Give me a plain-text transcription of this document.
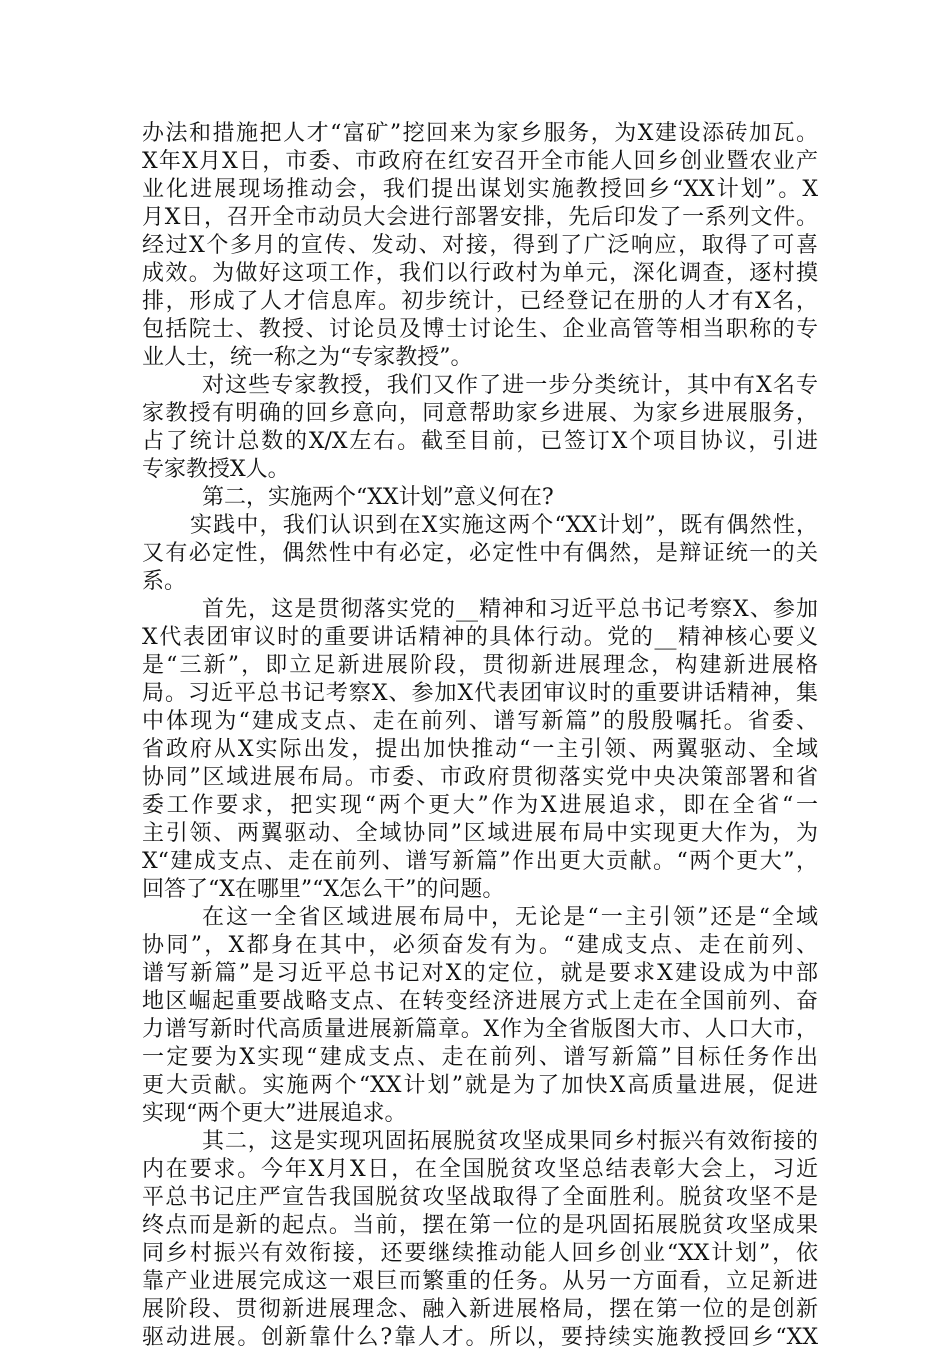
办法和措施把人才“富矿”挖回来为家乡服务，为X建设添砖加瓦。
X年X月X日，市委、市政府在红安召开全市能人回乡创业暨农业产
业化进展现场推动会，我们提出谋划实施教授回乡“XX计划”。X
月X日，召开全市动员大会进行部署安排，先后印发了一系列文件。
经过X个多月的宣传、发动、对接，得到了广泛响应，取得了可喜
成效。为做好这项工作，我们以行政村为单元，深化调查，逐村摸
排，形成了人才信息库。初步统计，已经登记在册的人才有X名，
包括院士、教授、讨论员及博士讨论生、企业高管等相当职称的专
业人士，统一称之为“专家教授”。
对这些专家教授，我们又作了进一步分类统计，其中有X名专
家教授有明确的回乡意向，同意帮助家乡进展、为家乡进展服务，
占了统计总数的X/X左右。截至目前，已签订X个项目协议，引进
专家教授X人。
第二，实施两个“XX计划”意义何在?
实践中，我们认识到在X实施这两个“XX计划”，既有偶然性，
又有必定性，偶然性中有必定，必定性中有偶然，是辩证统一的关
系。
首先，这是贯彻落实党的__精神和习近平总书记考察X、参加
X代表团审议时的重要讲话精神的具体行动。党的__精神核心要义
是“三新”，即立足新进展阶段，贯彻新进展理念，构建新进展格
局。习近平总书记考察X、参加X代表团审议时的重要讲话精神，集
中体现为“建成支点、走在前列、谱写新篇”的殷殷嘱托。省委、
省政府从X实际出发，提出加快推动“一主引领、两翼驱动、全域
协同”区域进展布局。市委、市政府贯彻落实党中央决策部署和省
委工作要求，把实现“两个更大”作为X进展追求，即在全省“一
主引领、两翼驱动、全域协同”区域进展布局中实现更大作为，为
X“建成支点、走在前列、谱写新篇”作出更大贡献。“两个更大”，
回答了“X在哪里”“X怎么干”的问题。
在这一全省区域进展布局中，无论是“一主引领”还是“全域
协同”，X都身在其中，必须奋发有为。“建成支点、走在前列、
谱写新篇”是习近平总书记对X的定位，就是要求X建设成为中部
地区崛起重要战略支点、在转变经济进展方式上走在全国前列、奋
力谱写新时代高质量进展新篇章。X作为全省版图大市、人口大市，
一定要为X实现“建成支点、走在前列、谱写新篇”目标任务作出
更大贡献。实施两个“XX计划”就是为了加快X高质量进展，促进
实现“两个更大”进展追求。
其二，这是实现巩固拓展脱贫攻坚成果同乡村振兴有效衔接的
内在要求。今年X月X日，在全国脱贫攻坚总结表彰大会上，习近
平总书记庄严宣告我国脱贫攻坚战取得了全面胜利。脱贫攻坚不是
终点而是新的起点。当前，摆在第一位的是巩固拓展脱贫攻坚成果
同乡村振兴有效衔接，还要继续推动能人回乡创业“XX计划”，依
靠产业进展完成这一艰巨而繁重的任务。从另一方面看，立足新进
展阶段、贯彻新进展理念、融入新进展格局，摆在第一位的是创新
驱动进展。创新靠什么?靠人才。所以，要持续实施教授回乡“XX
